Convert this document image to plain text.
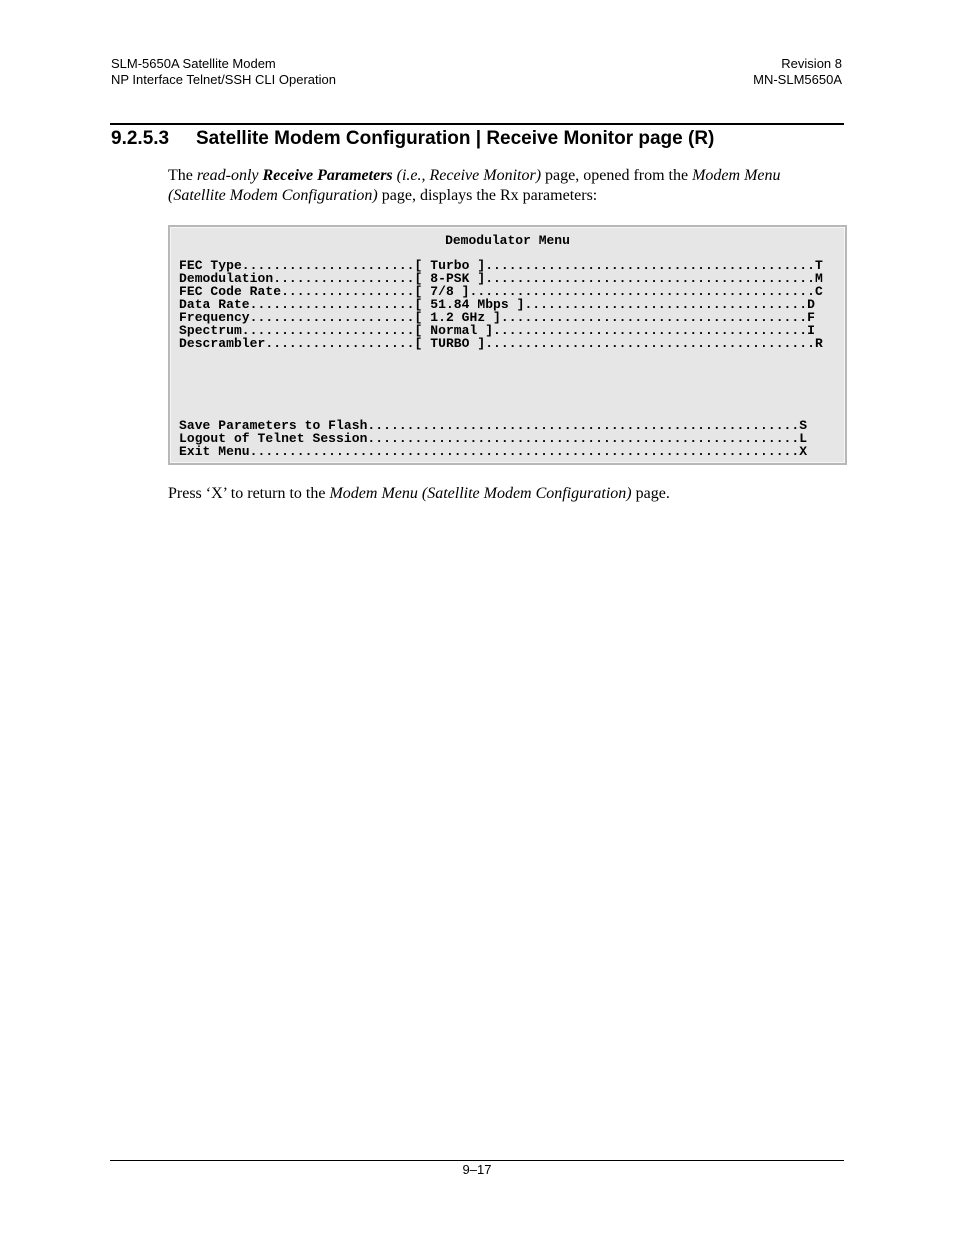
SLM-5650A Satellite Modem
NP Interface Telnet/SSH CLI Operation
Revision 8
MN-SLM5650A
9.2.5.3 Satellite Modem Configuration | Receive Monitor page (R)
The read-only Receive Parameters (i.e., Receive Monitor) page, opened from the Modem Menu (Satellite Modem Configuration) page, displays the Rx parameters:
Demodulator Menu
FEC Type......................[ Turbo ]..........................................T
Demodulation..................[ 8-PSK ]..........................................M
FEC Code Rate.................[ 7/8 ]............................................C
Data Rate.....................[ 51.84 Mbps ]....................................D
Frequency.....................[ 1.2 GHz ].......................................F
Spectrum......................[ Normal ]........................................I
Descrambler...................[ TURBO ]..........................................R
Save Parameters to Flash.......................................................S
Logout of Telnet Session.......................................................L
Exit Menu......................................................................X
Press ‘X’ to return to the Modem Menu (Satellite Modem Configuration) page.
9–17
